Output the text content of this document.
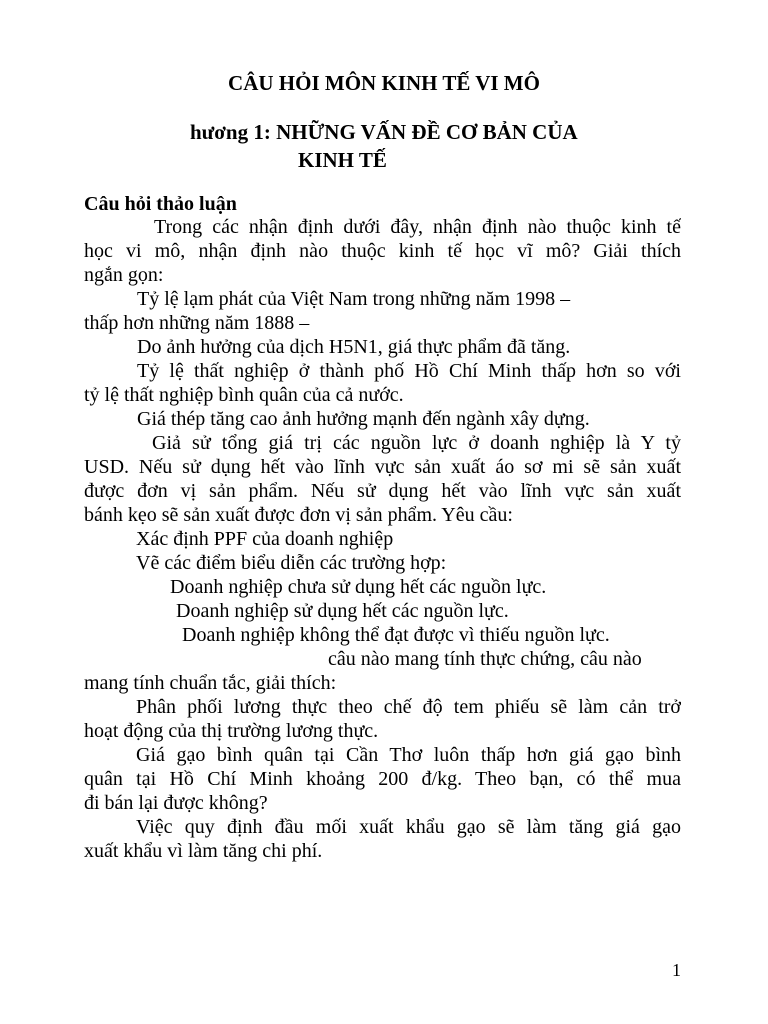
CÂU HỎI MÔN KINH TẾ VI MÔ
hương 1: NHỮNG VẤN ĐỀ CƠ BẢN CỦA
KINH TẾ
Câu hỏi thảo luận
Trong các nhận định dưới đây, nhận định nào thuộc kinh tế
học vi mô, nhận định nào thuộc kinh tế học vĩ mô? Giải thích
ngắn gọn:
Tỷ lệ lạm phát của Việt Nam trong những năm 1998 –
thấp hơn những năm 1888 –
Do ảnh hưởng của dịch H5N1, giá thực phẩm đã tăng.
Tỷ lệ thất nghiệp ở thành phố Hồ Chí Minh thấp hơn so với
tỷ lệ thất nghiệp bình quân của cả nước.
Giá thép tăng cao ảnh hưởng mạnh đến ngành xây dựng.
Giả sử tổng giá trị các nguồn lực ở doanh nghiệp là Y tỷ
USD. Nếu sử dụng hết vào lĩnh vực sản xuất áo sơ mi sẽ sản xuất
được đơn vị sản phẩm. Nếu sử dụng hết vào lĩnh vực sản xuất
bánh kẹo sẽ sản xuất được đơn vị sản phẩm. Yêu cầu:
Xác định PPF của doanh nghiệp
Vẽ các điểm biểu diễn các trường hợp:
Doanh nghiệp chưa sử dụng hết các nguồn lực.
Doanh nghiệp sử dụng hết các nguồn lực.
Doanh nghiệp không thể đạt được vì thiếu nguồn lực.
câu nào mang tính thực chứng, câu nào
mang tính chuẩn tắc, giải thích:
Phân phối lương thực theo chế độ tem phiếu sẽ làm cản trở
hoạt động của thị trường lương thực.
Giá gạo bình quân tại Cần Thơ luôn thấp hơn giá gạo bình
quân tại Hồ Chí Minh khoảng 200 đ/kg. Theo bạn, có thể mua
đi bán lại được không?
Việc quy định đầu mối xuất khẩu gạo sẽ làm tăng giá gạo
xuất khẩu vì làm tăng chi phí.
1
